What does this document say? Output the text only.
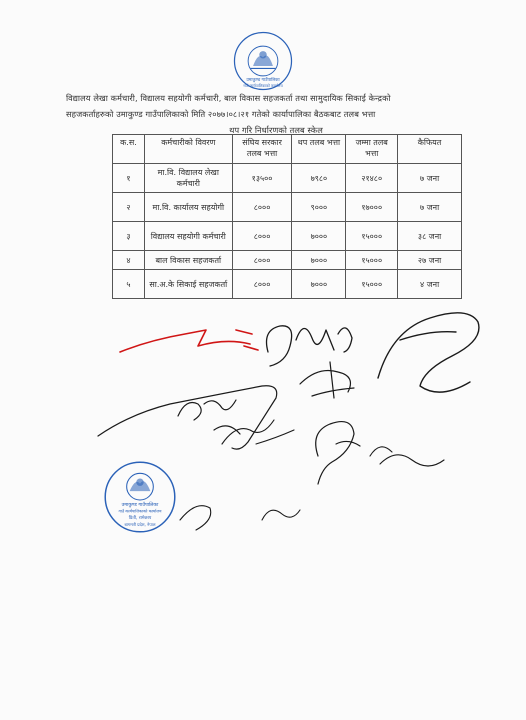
उमाकुण्ड गाउँपालिका
गाउँ कार्यपालिकाको कार्यालय
विद्यालय लेखा कर्मचारी, विद्यालय सहयोगी कर्मचारी, बाल विकास सहजकर्ता तथा सामुदायिक सिकाई केन्द्रको
सहजकर्ताहरुको उमाकुण्ड गाउँपालिकाको मिति २०७७।०८।२१ गतेको कार्यापालिका बैठकबाट तलब भत्ता

थप गरि निर्धारणको तलब स्केल
क.स.	कर्मचारीको विवरण	संघिय सरकार तलब भत्ता	थप तलब भत्ता	जम्मा तलब भत्ता	कैफियत
१	मा.वि. विद्यालय लेखा कर्मचारी	१३५००	७९८०	२१४८०	७ जना
२	मा.वि. कार्यालय सहयोगी	८०००	९०००	१७०००	७ जना
३	विद्यालय सहयोगी कर्मचारी	८०००	७०००	१५०००	३८ जना
४	बाल विकास सहजकर्ता	८०००	७०००	१५०००	२७ जना
५	सा.अ.के सिकाई सहजकर्ता	८०००	७०००	१५०००	४ जना
उमाकुण्ड गाउँपालिका
गाउँ कार्यपालिकाको कार्यालय
प्रिती, रामेछाप
बागमती प्रदेश, नेपाल
